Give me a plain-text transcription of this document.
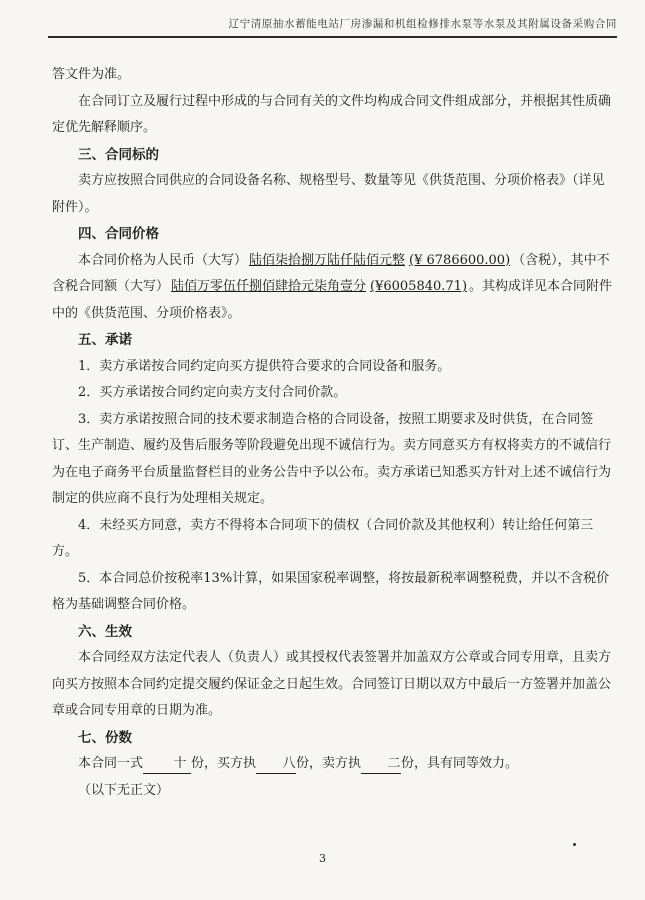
辽宁清原抽水蓄能电站厂房渗漏和机组检修排水泵等水泵及其附属设备采购合同

答文件为准。

在合同订立及履行过程中形成的与合同有关的文件均构成合同文件组成部分，并根据其性质确定优先解释顺序。

三、合同标的

卖方应按照合同供应的合同设备名称、规格型号、数量等见《供货范围、分项价格表》（详见附件）。

四、合同价格

本合同价格为人民币（大写） 陆佰柒拾捌万陆仟陆佰元整 (¥ 6786600.00) （含税），其中不含税合同额（大写） 陆佰万零伍仟捌佰肆拾元柒角壹分 (¥6005840.71) 。其构成详见本合同附件中的《供货范围、分项价格表》。

五、承诺

1．卖方承诺按合同约定向买方提供符合要求的合同设备和服务。

2．买方承诺按合同约定向卖方支付合同价款。

3．卖方承诺按照合同的技术要求制造合格的合同设备，按照工期要求及时供货，在合同签订、生产制造、履约及售后服务等阶段避免出现不诚信行为。卖方同意买方有权将卖方的不诚信行为在电子商务平台质量监督栏目的业务公告中予以公布。卖方承诺已知悉买方针对上述不诚信行为制定的供应商不良行为处理相关规定。

4．未经买方同意，卖方不得将本合同项下的债权（合同价款及其他权利）转让给任何第三方。

5．本合同总价按税率13%计算，如果国家税率调整，将按最新税率调整税费，并以不含税价格为基础调整合同价格。

六、生效

本合同经双方法定代表人（负责人）或其授权代表签署并加盖双方公章或合同专用章，且卖方向买方按照本合同约定提交履约保证金之日起生效。合同签订日期以双方中最后一方签署并加盖公章或合同专用章的日期为准。

七、份数

本合同一式 十 份，买方执 八份，卖方执 二份，具有同等效力。

（以下无正文）

3
